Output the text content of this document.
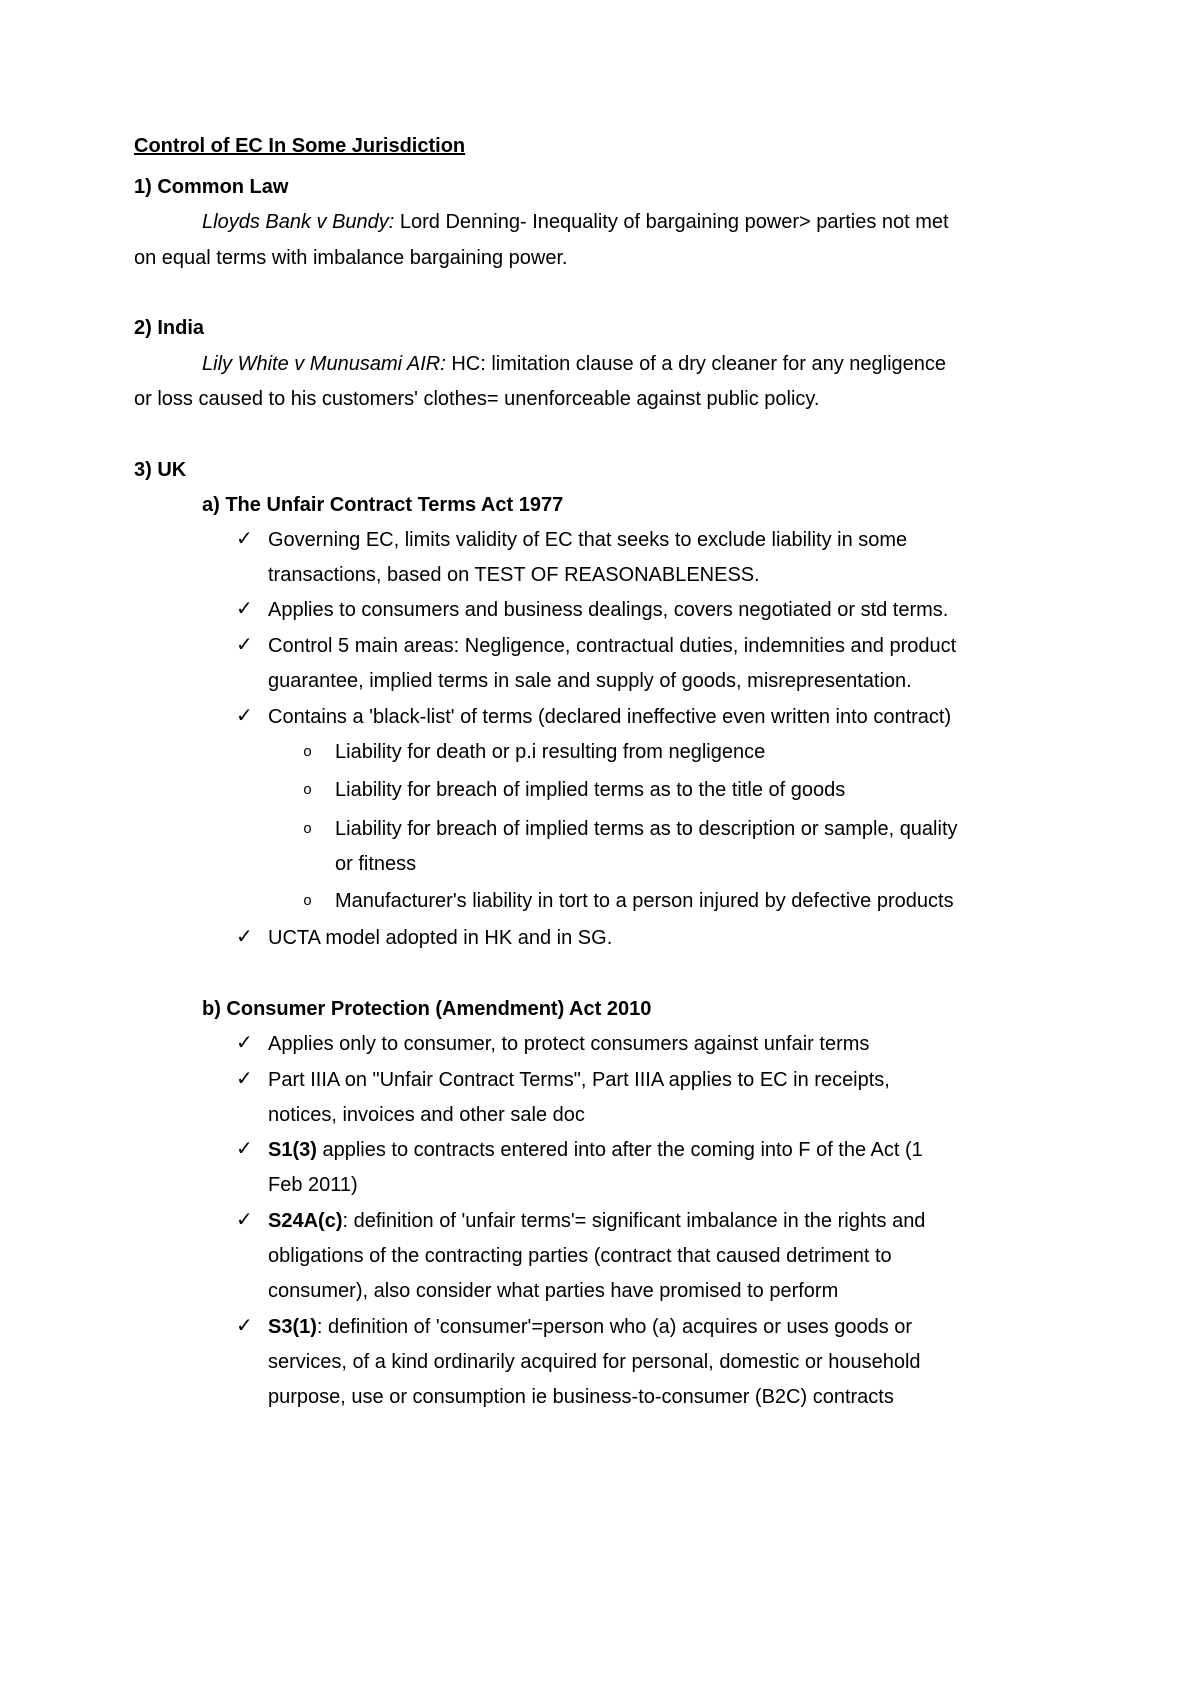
Control of EC In Some Jurisdiction
1) Common Law
Lloyds Bank v Bundy: Lord Denning- Inequality of bargaining power> parties not met
on equal terms with imbalance bargaining power.
2) India
Lily White v Munusami AIR: HC: limitation clause of a dry cleaner for any negligence
or loss caused to his customers' clothes= unenforceable against public policy.
3) UK
a) The Unfair Contract Terms Act 1977
✓ Governing EC, limits validity of EC that seeks to exclude liability in some
transactions, based on TEST OF REASONABLENESS.
✓ Applies to consumers and business dealings, covers negotiated or std terms.
✓ Control 5 main areas: Negligence, contractual duties, indemnities and product
guarantee, implied terms in sale and supply of goods, misrepresentation.
✓ Contains a 'black-list' of terms (declared ineffective even written into contract)
o Liability for death or p.i resulting from negligence
o Liability for breach of implied terms as to the title of goods
o Liability for breach of implied terms as to description or sample, quality
or fitness
o Manufacturer's liability in tort to a person injured by defective products
✓ UCTA model adopted in HK and in SG.
b) Consumer Protection (Amendment) Act 2010
✓ Applies only to consumer, to protect consumers against unfair terms
✓ Part IIIA on "Unfair Contract Terms", Part IIIA applies to EC in receipts,
notices, invoices and other sale doc
✓ S1(3) applies to contracts entered into after the coming into F of the Act (1
Feb 2011)
✓ S24A(c): definition of 'unfair terms'= significant imbalance in the rights and
obligations of the contracting parties (contract that caused detriment to
consumer), also consider what parties have promised to perform
✓ S3(1): definition of 'consumer'=person who (a) acquires or uses goods or
services, of a kind ordinarily acquired for personal, domestic or household
purpose, use or consumption ie business-to-consumer (B2C) contracts
